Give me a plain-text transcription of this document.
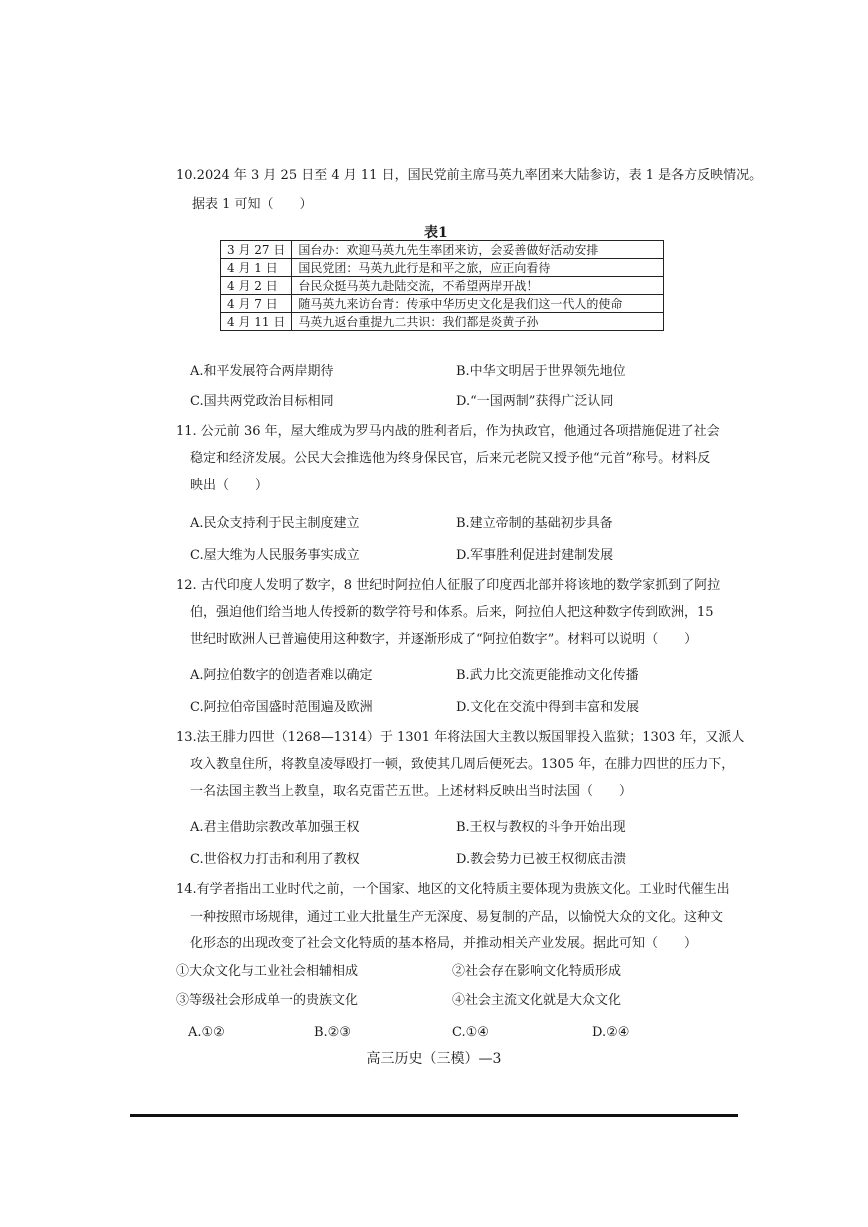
10.2024 年 3 月 25 日至 4 月 11 日，国民党前主席马英九率团来大陆参访，表 1 是各方反映情况。
据表 1 可知（　　）
表1
3 月 27 日	国台办：欢迎马英九先生率团来访，会妥善做好活动安排
4 月 1 日	国民党团：马英九此行是和平之旅，应正向看待
4 月 2 日	台民众挺马英九赴陆交流，不希望两岸开战！
4 月 7 日	随马英九来访台青：传承中华历史文化是我们这一代人的使命
4 月 11 日	马英九返台重提九二共识：我们都是炎黄子孙
A.和平发展符合两岸期待	B.中华文明居于世界领先地位
C.国共两党政治目标相同	D.“一国两制”获得广泛认同
11. 公元前 36 年，屋大维成为罗马内战的胜利者后，作为执政官，他通过各项措施促进了社会
稳定和经济发展。公民大会推选他为终身保民官，后来元老院又授予他“元首”称号。材料反
映出（　　）
A.民众支持利于民主制度建立	B.建立帝制的基础初步具备
C.屋大维为人民服务事实成立	D.军事胜利促进封建制发展
12. 古代印度人发明了数字，8 世纪时阿拉伯人征服了印度西北部并将该地的数学家抓到了阿拉
伯，强迫他们给当地人传授新的数学符号和体系。后来，阿拉伯人把这种数字传到欧洲，15
世纪时欧洲人已普遍使用这种数字，并逐渐形成了“阿拉伯数字”。材料可以说明（　　）
A.阿拉伯数字的创造者难以确定	B.武力比交流更能推动文化传播
C.阿拉伯帝国盛时范围遍及欧洲	D.文化在交流中得到丰富和发展
13.法王腓力四世（1268—1314）于 1301 年将法国大主教以叛国罪投入监狱；1303 年，又派人
攻入教皇住所，将教皇凌辱殴打一顿，致使其几周后便死去。1305 年，在腓力四世的压力下，
一名法国主教当上教皇，取名克雷芒五世。上述材料反映出当时法国（　　）
A.君主借助宗教改革加强王权	B.王权与教权的斗争开始出现
C.世俗权力打击和利用了教权	D.教会势力已被王权彻底击溃
14.有学者指出工业时代之前，一个国家、地区的文化特质主要体现为贵族文化。工业时代催生出
一种按照市场规律，通过工业大批量生产无深度、易复制的产品，以愉悦大众的文化。这种文
化形态的出现改变了社会文化特质的基本格局，并推动相关产业发展。据此可知（　　）
①大众文化与工业社会相辅相成	②社会存在影响文化特质形成
③等级社会形成单一的贵族文化	④社会主流文化就是大众文化
A.①②	B.②③	C.①④	D.②④
高三历史（三模）—3
